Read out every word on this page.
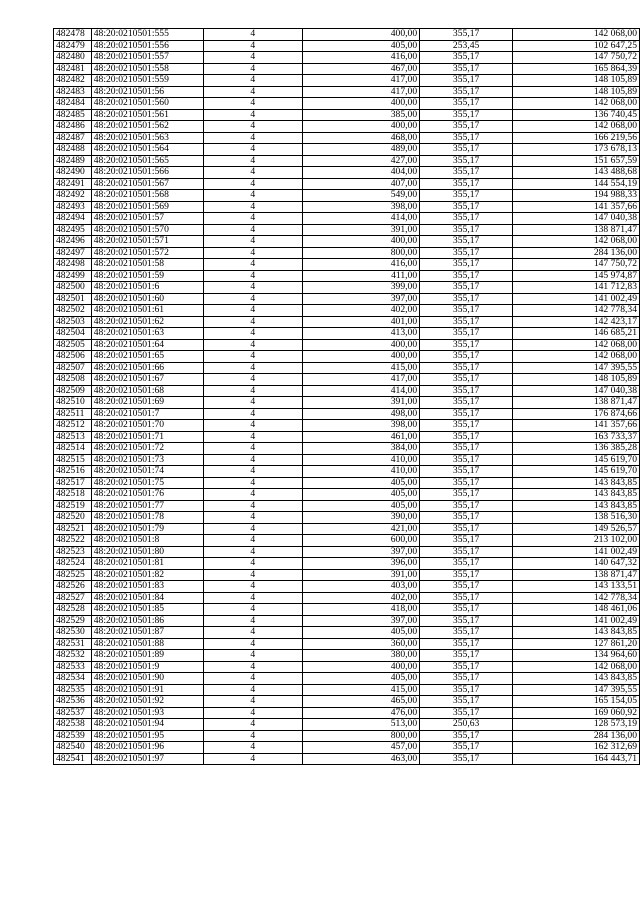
482478	48:20:0210501:555	4	400,00	355,17	142 068,00
482479	48:20:0210501:556	4	405,00	253,45	102 647,25
482480	48:20:0210501:557	4	416,00	355,17	147 750,72
482481	48:20:0210501:558	4	467,00	355,17	165 864,39
482482	48:20:0210501:559	4	417,00	355,17	148 105,89
482483	48:20:0210501:56	4	417,00	355,17	148 105,89
482484	48:20:0210501:560	4	400,00	355,17	142 068,00
482485	48:20:0210501:561	4	385,00	355,17	136 740,45
482486	48:20:0210501:562	4	400,00	355,17	142 068,00
482487	48:20:0210501:563	4	468,00	355,17	166 219,56
482488	48:20:0210501:564	4	489,00	355,17	173 678,13
482489	48:20:0210501:565	4	427,00	355,17	151 657,59
482490	48:20:0210501:566	4	404,00	355,17	143 488,68
482491	48:20:0210501:567	4	407,00	355,17	144 554,19
482492	48:20:0210501:568	4	549,00	355,17	194 988,33
482493	48:20:0210501:569	4	398,00	355,17	141 357,66
482494	48:20:0210501:57	4	414,00	355,17	147 040,38
482495	48:20:0210501:570	4	391,00	355,17	138 871,47
482496	48:20:0210501:571	4	400,00	355,17	142 068,00
482497	48:20:0210501:572	4	800,00	355,17	284 136,00
482498	48:20:0210501:58	4	416,00	355,17	147 750,72
482499	48:20:0210501:59	4	411,00	355,17	145 974,87
482500	48:20:0210501:6	4	399,00	355,17	141 712,83
482501	48:20:0210501:60	4	397,00	355,17	141 002,49
482502	48:20:0210501:61	4	402,00	355,17	142 778,34
482503	48:20:0210501:62	4	401,00	355,17	142 423,17
482504	48:20:0210501:63	4	413,00	355,17	146 685,21
482505	48:20:0210501:64	4	400,00	355,17	142 068,00
482506	48:20:0210501:65	4	400,00	355,17	142 068,00
482507	48:20:0210501:66	4	415,00	355,17	147 395,55
482508	48:20:0210501:67	4	417,00	355,17	148 105,89
482509	48:20:0210501:68	4	414,00	355,17	147 040,38
482510	48:20:0210501:69	4	391,00	355,17	138 871,47
482511	48:20:0210501:7	4	498,00	355,17	176 874,66
482512	48:20:0210501:70	4	398,00	355,17	141 357,66
482513	48:20:0210501:71	4	461,00	355,17	163 733,37
482514	48:20:0210501:72	4	384,00	355,17	136 385,28
482515	48:20:0210501:73	4	410,00	355,17	145 619,70
482516	48:20:0210501:74	4	410,00	355,17	145 619,70
482517	48:20:0210501:75	4	405,00	355,17	143 843,85
482518	48:20:0210501:76	4	405,00	355,17	143 843,85
482519	48:20:0210501:77	4	405,00	355,17	143 843,85
482520	48:20:0210501:78	4	390,00	355,17	138 516,30
482521	48:20:0210501:79	4	421,00	355,17	149 526,57
482522	48:20:0210501:8	4	600,00	355,17	213 102,00
482523	48:20:0210501:80	4	397,00	355,17	141 002,49
482524	48:20:0210501:81	4	396,00	355,17	140 647,32
482525	48:20:0210501:82	4	391,00	355,17	138 871,47
482526	48:20:0210501:83	4	403,00	355,17	143 133,51
482527	48:20:0210501:84	4	402,00	355,17	142 778,34
482528	48:20:0210501:85	4	418,00	355,17	148 461,06
482529	48:20:0210501:86	4	397,00	355,17	141 002,49
482530	48:20:0210501:87	4	405,00	355,17	143 843,85
482531	48:20:0210501:88	4	360,00	355,17	127 861,20
482532	48:20:0210501:89	4	380,00	355,17	134 964,60
482533	48:20:0210501:9	4	400,00	355,17	142 068,00
482534	48:20:0210501:90	4	405,00	355,17	143 843,85
482535	48:20:0210501:91	4	415,00	355,17	147 395,55
482536	48:20:0210501:92	4	465,00	355,17	165 154,05
482537	48:20:0210501:93	4	476,00	355,17	169 060,92
482538	48:20:0210501:94	4	513,00	250,63	128 573,19
482539	48:20:0210501:95	4	800,00	355,17	284 136,00
482540	48:20:0210501:96	4	457,00	355,17	162 312,69
482541	48:20:0210501:97	4	463,00	355,17	164 443,71
